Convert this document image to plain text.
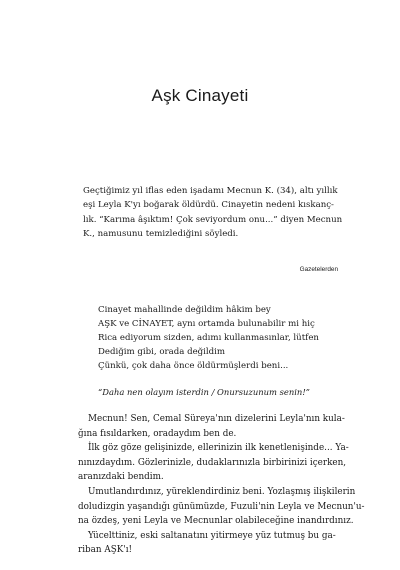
Aşk Cinayeti
Geçtiğimiz yıl iflas eden işadamı Mecnun K. (34), altı yıllık
eşi Leyla K'yı boğarak öldürdü. Cinayetin nedeni kıskanç-
lık. “Karıma âşıktım! Çok seviyordum onu...” diyen Mecnun
K., namusunu temizlediğini söyledi.
Gazetelerden
Cinayet mahallinde değildim hâkim bey
AŞK ve CİNAYET, aynı ortamda bulunabilir mi hiç
Rica ediyorum sizden, adımı kullanmasınlar, lütfen
Dediğim gibi, orada değildim
Çünkü, çok daha önce öldürmüşlerdi beni...
“Daha nen olayım isterdin / Onursuzunum senin!”
Mecnun! Sen, Cemal Süreya'nın dizelerini Leyla'nın kula-
ğına fısıldarken, oradaydım ben de.
İlk göz göze gelişinizde, ellerinizin ilk kenetlenişinde... Ya-
nınızdaydım. Gözlerinizle, dudaklarınızla birbirinizi içerken,
aranızdaki bendim.
Umutlandırdınız, yüreklendirdiniz beni. Yozlaşmış ilişkilerin
doludizgin yaşandığı günümüzde, Fuzuli'nin Leyla ve Mecnun'u-
na özdeş, yeni Leyla ve Mecnunlar olabileceğine inandırdınız.
Yücelttiniz, eski saltanatını yitirmeye yüz tutmuş bu ga-
riban AŞK'ı!
